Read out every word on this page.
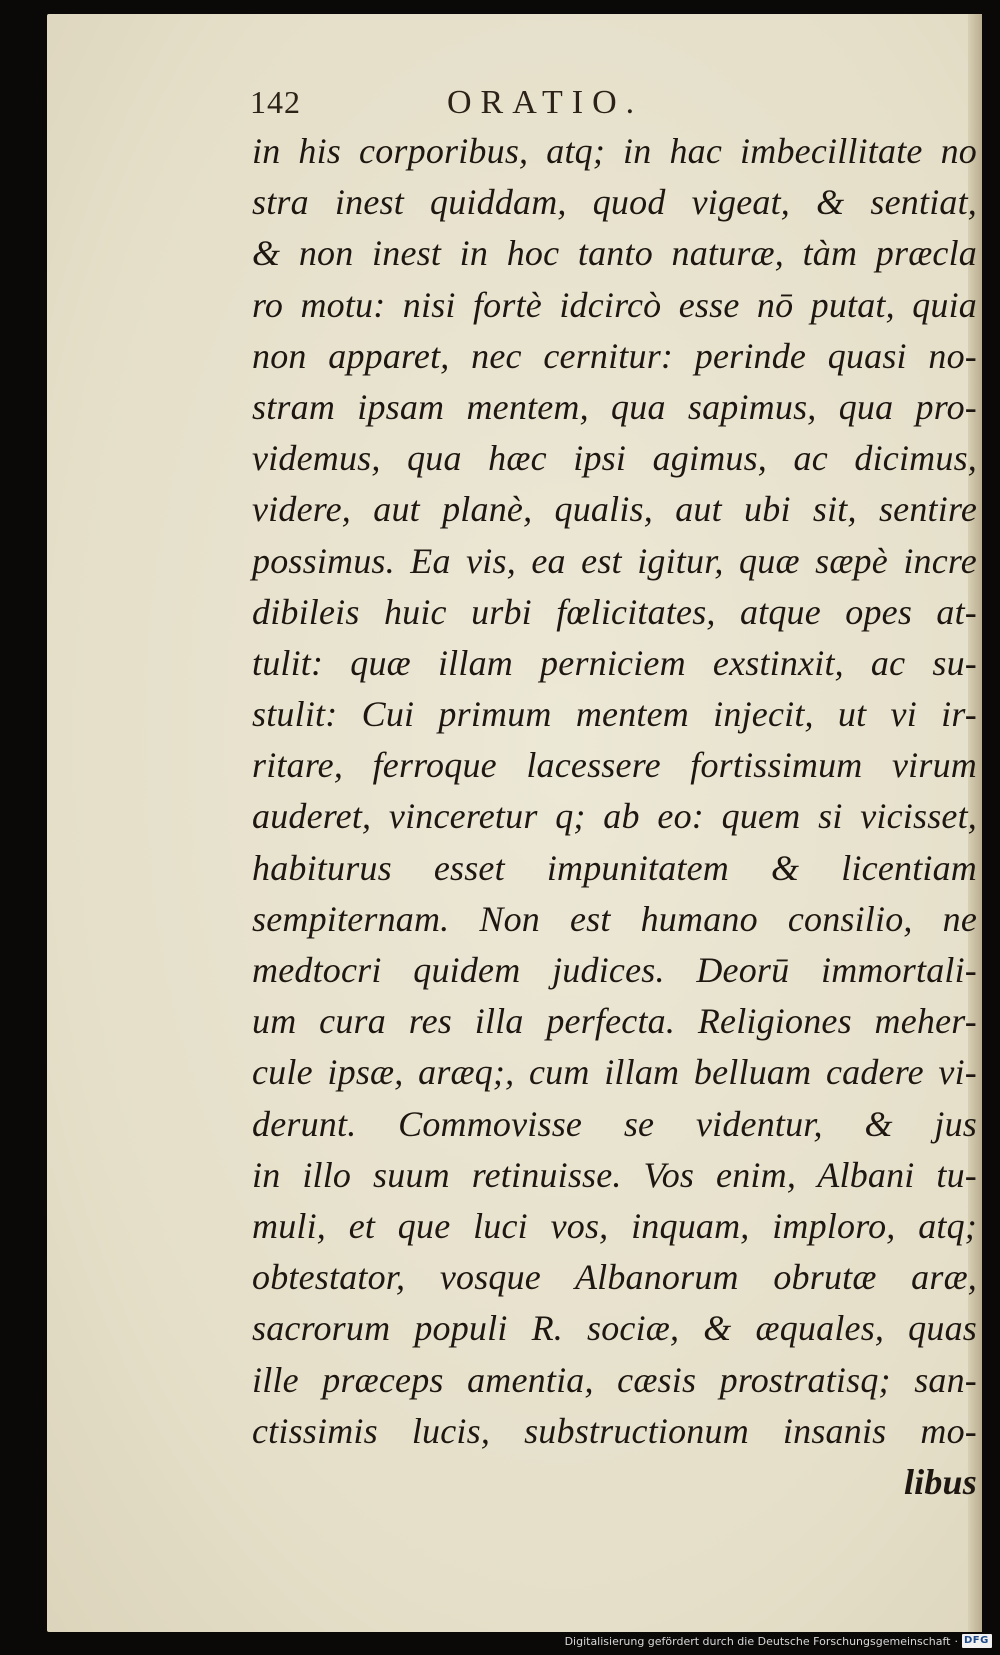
142	ORATIO.
in his corporibus, atq; in hac imbecillitate no
stra inest quiddam, quod vigeat, & sentiat,
& non inest in hoc tanto naturæ, tàm præcla
ro motu: nisi fortè idcircò esse nō putat, quia
non apparet, nec cernitur: perinde quasi no-
stram ipsam mentem, qua sapimus, qua pro-
videmus, qua hæc ipsi agimus, ac dicimus,
videre, aut planè, qualis, aut ubi sit, sentire
possimus. Ea vis, ea est igitur, quæ sæpè incre
dibileis huic urbi fœlicitates, atque opes at-
tulit: quæ illam perniciem exstinxit, ac su-
stulit: Cui primum mentem injecit, ut vi ir-
ritare, ferroque lacessere fortissimum virum
auderet, vinceretur q; ab eo: quem si vicisset,
habiturus esset impunitatem & licentiam
sempiternam. Non est humano consilio, ne
medtocri quidem judices. Deorū immortali-
um cura res illa perfecta. Religiones meher-
cule ipsæ, aræq;, cum illam belluam cadere vi-
derunt. Commovisse se videntur, & jus
in illo suum retinuisse. Vos enim, Albani tu-
muli, et que luci vos, inquam, imploro, atq;
obtestator, vosque Albanorum obrutæ aræ,
sacrorum populi R. sociæ, & æquales, quas
ille præceps amentia, cæsis prostratisq; san-
ctissimis lucis, substructionum insanis mo-
libus
Digitalisierung gefördert durch die Deutsche Forschungsgemeinschaft · DFG
